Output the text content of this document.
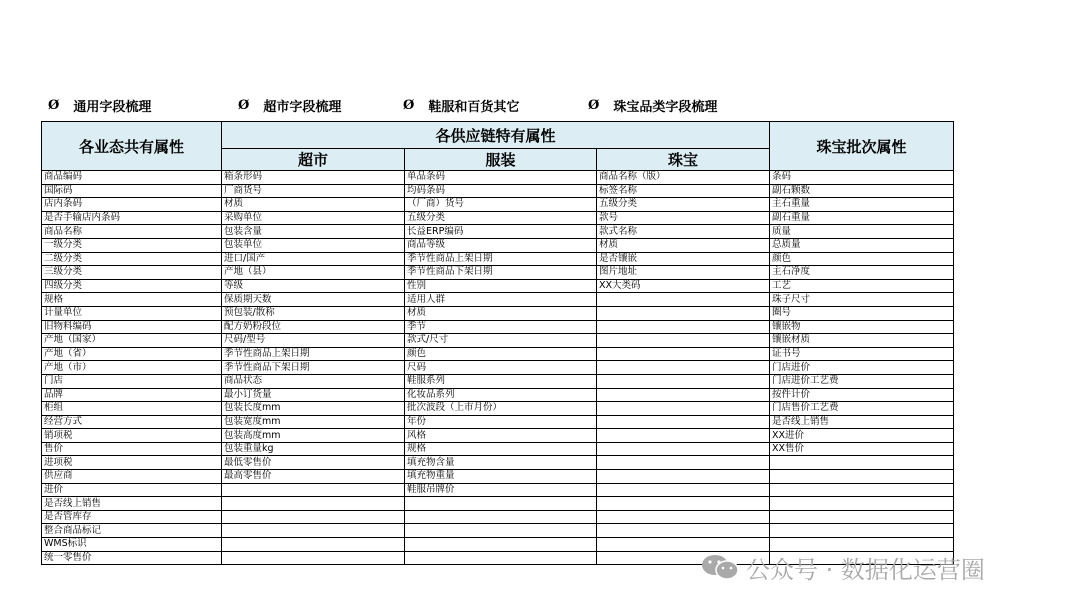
Ø 通用字段梳理	Ø 超市字段梳理	Ø 鞋服和百货其它	Ø 珠宝品类字段梳理
各业态共有属性	各供应链特有属性			珠宝批次属性
	超市	服装	珠宝	
商品编码	箱条形码	单品条码	商品名称（版）	条码
国际码	厂商货号	均码条码	标签名称	副石颗数
店内条码	材质	（厂商）货号	五级分类	主石重量
是否手输店内条码	采购单位	五级分类	款号	副石重量
商品名称	包装含量	长益ERP编码	款式名称	质量
一级分类	包装单位	商品等级	材质	总质量
二级分类	进口/国产	季节性商品上架日期	是否镶嵌	颜色
三级分类	产地（县）	季节性商品下架日期	图片地址	主石净度
四级分类	等级	性别	XX大类码	工艺
规格	保质期天数	适用人群		珠子尺寸
计量单位	预包装/散称	材质		圈号
旧物料编码	配方奶粉段位	季节		镶嵌物
产地（国家）	尺码/型号	款式/尺寸		镶嵌材质
产地（省）	季节性商品上架日期	颜色		证书号
产地（市）	季节性商品下架日期	尺码		门店进价
门店	商品状态	鞋服系列		门店进价工艺费
品牌	最小订货量	化妆品系列		按件计价
柜组	包装长度mm	批次波段（上市月份）		门店售价工艺费
经营方式	包装宽度mm	年份		是否线上销售
销项税	包装高度mm	风格		XX进价
售价	包装重量kg	规格		XX售价
进项税	最低零售价	填充物含量		
供应商	最高零售价	填充物重量		
进价		鞋服吊牌价		
是否线上销售				
是否管库存				
整合商品标记				
WMS标识				
统一零售价					公众号 · 数据化运营圈
